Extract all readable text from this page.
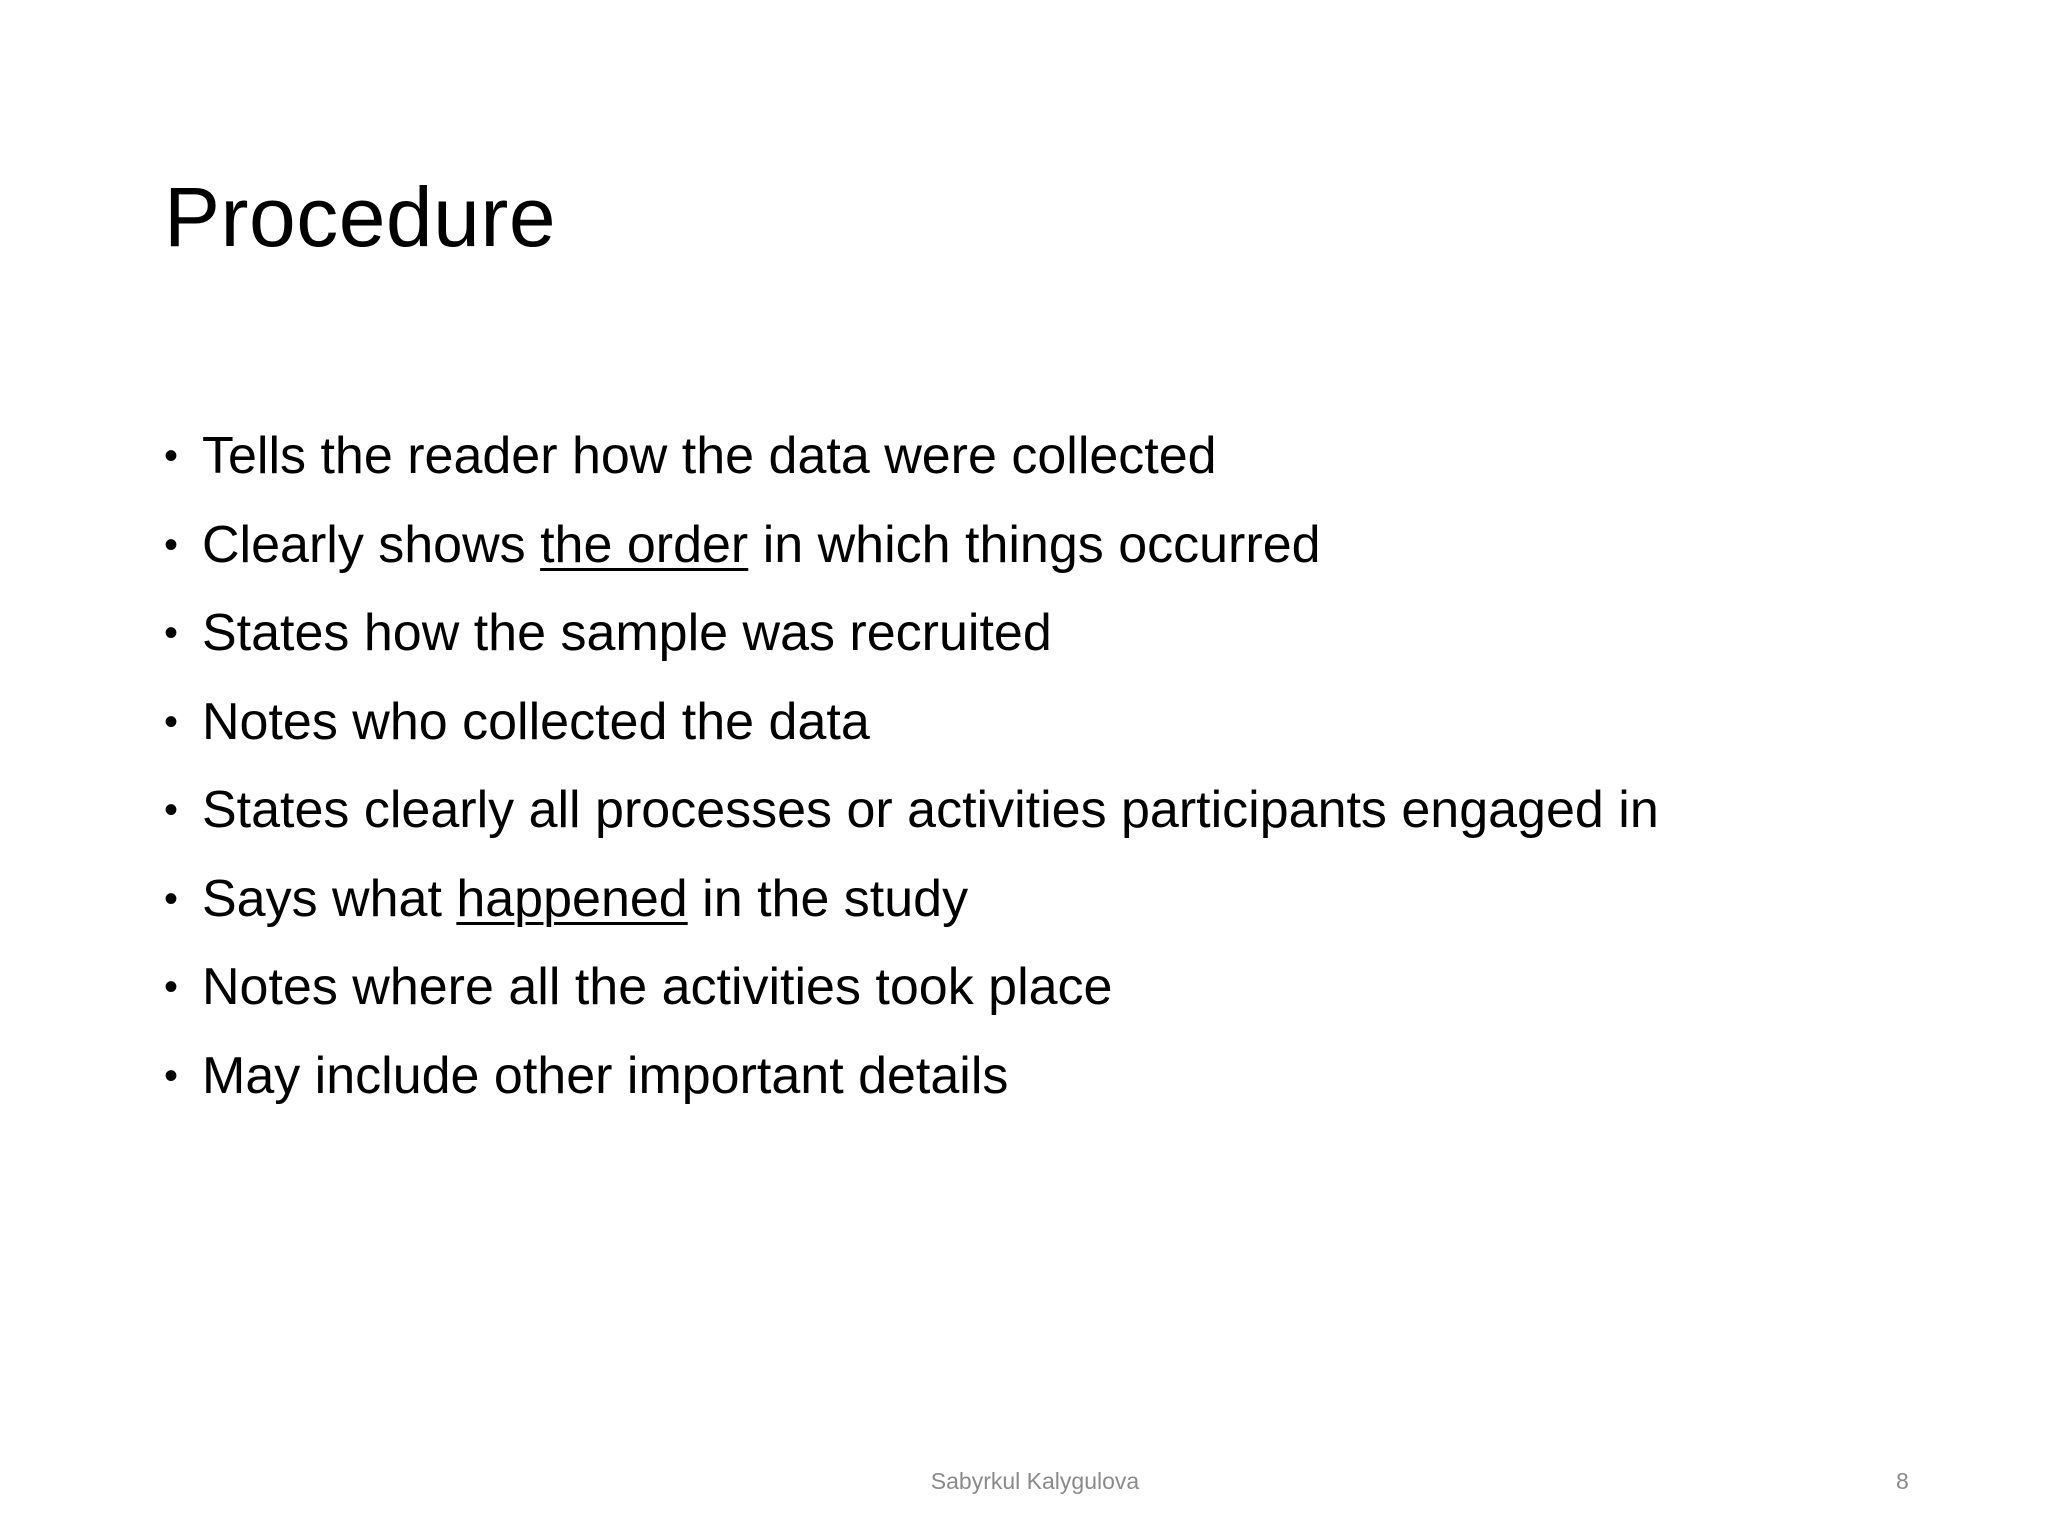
Procedure
• Tells the reader how the data were collected
• Clearly shows the order in which things occurred
• States how the sample was recruited
• Notes who collected the data
• States clearly all processes or activities participants engaged in
• Says what happened in the study
• Notes where all the activities took place
• May include other important details
Sabyrkul Kalygulova	8
